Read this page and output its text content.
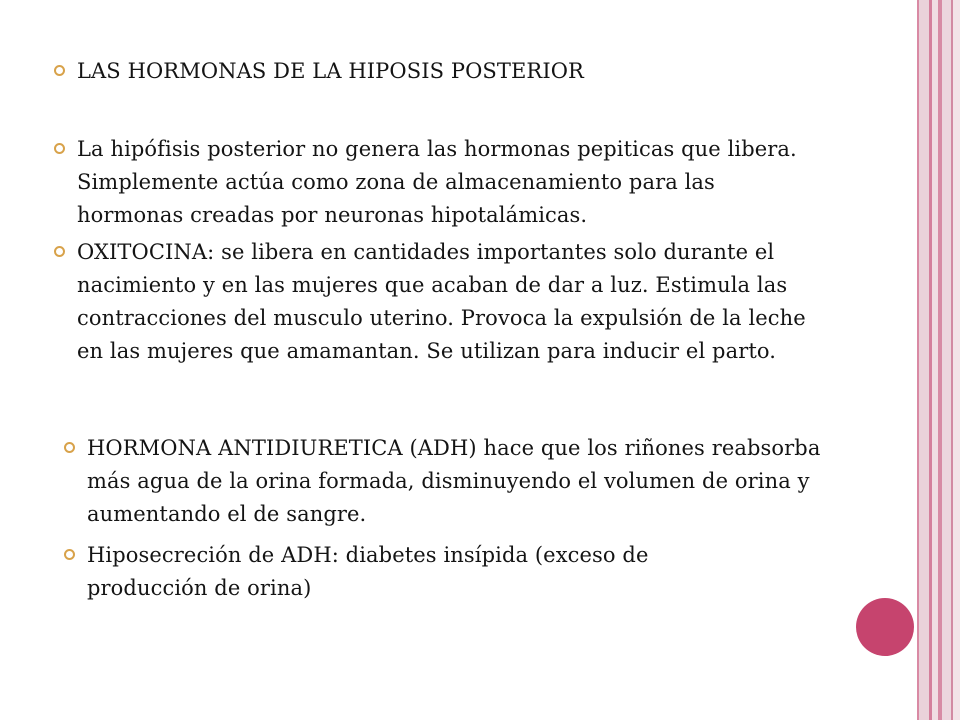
LAS HORMONAS DE LA HIPOSIS POSTERIOR
La hipófisis posterior no genera las hormonas pepiticas que libera. Simplemente actúa como zona de almacenamiento para las hormonas creadas por neuronas hipotalámicas.
OXITOCINA: se libera en cantidades importantes solo durante el nacimiento y en las mujeres que acaban de dar a luz. Estimula las contracciones del musculo uterino. Provoca la expulsión de la leche en las mujeres que amamantan. Se utilizan para inducir el parto.
HORMONA ANTIDIURETICA (ADH) hace que los riñones reabsorba más agua de la orina formada, disminuyendo el volumen de orina y aumentando el de sangre.
Hiposecreción de ADH: diabetes insípida (exceso de producción de orina)
